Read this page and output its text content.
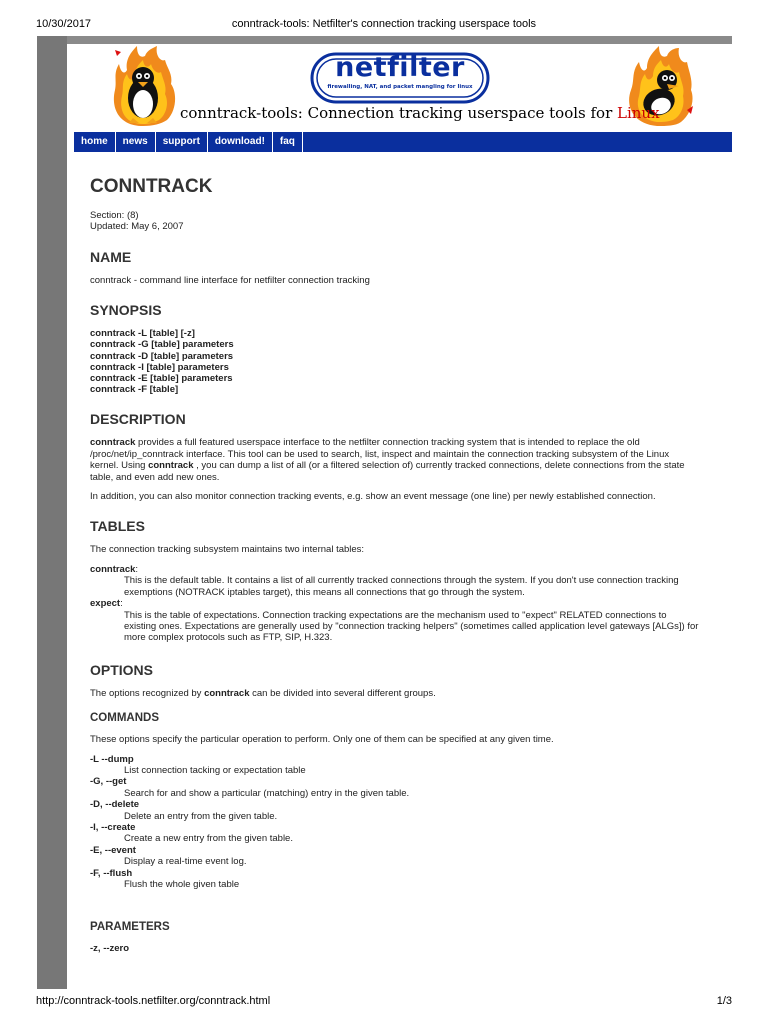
10/30/2017	conntrack-tools: Netfilter's connection tracking userspace tools
netfilter
firewalling, NAT, and packet mangling for linux
conntrack-tools: Connection tracking userspace tools for Linux
home	news	support	download!	faq
CONNTRACK
Section: (8)
Updated: May 6, 2007
NAME

conntrack - command line interface for netfilter connection tracking

SYNOPSIS
conntrack -L [table] [-z]
conntrack -G [table] parameters
conntrack -D [table] parameters
conntrack -I [table] parameters
conntrack -E [table] parameters
conntrack -F [table]
DESCRIPTION

conntrack provides a full featured userspace interface to the netfilter connection tracking system that is intended to replace the old /proc/net/ip_conntrack interface. This tool can be used to search, list, inspect and maintain the connection tracking subsystem of the Linux kernel. Using conntrack , you can dump a list of all (or a filtered selection of) currently tracked connections, delete connections from the state table, and even add new ones.

In addition, you can also monitor connection tracking events, e.g. show an event message (one line) per newly established connection.

TABLES

The connection tracking subsystem maintains two internal tables:

conntrack:
This is the default table. It contains a list of all currently tracked connections through the system. If you don't use connection tracking exemptions (NOTRACK iptables target), this means all connections that go through the system.
expect:
This is the table of expectations. Connection tracking expectations are the mechanism used to "expect" RELATED connections to existing ones. Expectations are generally used by "connection tracking helpers" (sometimes called application level gateways [ALGs]) for more complex protocols such as FTP, SIP, H.323.
OPTIONS

The options recognized by conntrack can be divided into several different groups.

COMMANDS

These options specify the particular operation to perform. Only one of them can be specified at any given time.

-L --dump
List connection tacking or expectation table
-G, --get
Search for and show a particular (matching) entry in the given table.
-D, --delete
Delete an entry from the given table.
-I, --create
Create a new entry from the given table.
-E, --event
Display a real-time event log.
-F, --flush
Flush the whole given table
PARAMETERS
-z, --zero
http://conntrack-tools.netfilter.org/conntrack.html	1/3
